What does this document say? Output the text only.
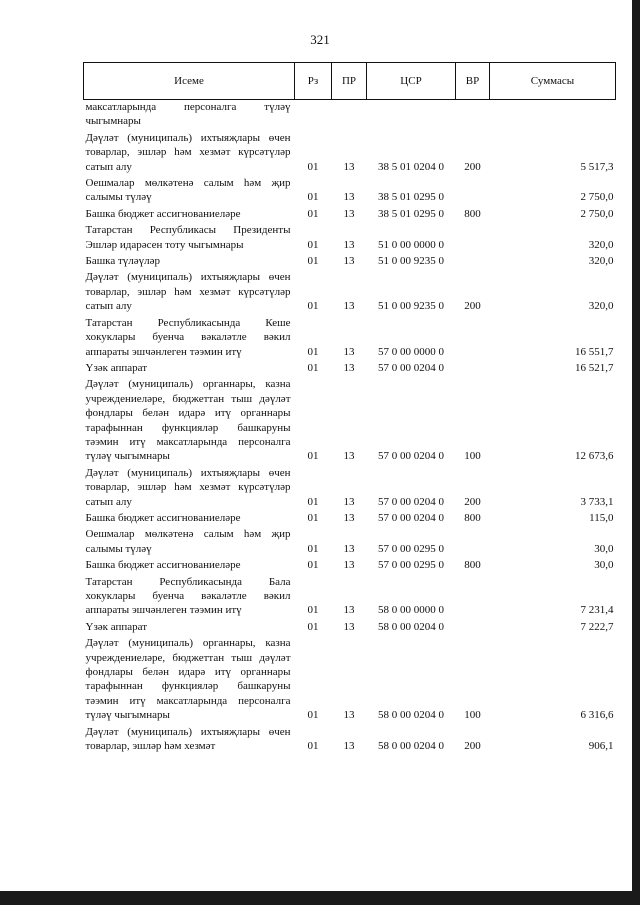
321
Исеме	Рз	ПР	ЦСР	ВР	Суммасы
максатларында персоналга түләү чыгымнары					
Дәүләт (муниципаль) ихтыяҗлары өчен товарлар, эшләр һәм хезмәт күрсәтүләр сатып алу	01	13	38 5 01 0204 0	200	5 517,3
Оешмалар мөлкәтенә салым һәм җир салымы түләү	01	13	38 5 01 0295 0		2 750,0
Башка бюджет ассигнованиеләре	01	13	38 5 01 0295 0	800	2 750,0
Татарстан Республикасы Президенты Эшләр идарәсен тоту чыгымнары	01	13	51 0 00 0000 0		320,0
Башка түләүләр	01	13	51 0 00 9235 0		320,0
Дәүләт (муниципаль) ихтыяҗлары өчен товарлар, эшләр һәм хезмәт күрсәтүләр сатып алу	01	13	51 0 00 9235 0	200	320,0
Татарстан Республикасында Кеше хокуклары буенча вәкаләтле вәкил аппараты эшчәнлеген тәэмин итү	01	13	57 0 00 0000 0		16 551,7
Үзәк аппарат	01	13	57 0 00 0204 0		16 521,7
Дәүләт (муниципаль) органнары, казна учреждениеләре, бюджеттан тыш дәүләт фондлары белән идарә итү органнары тарафыннан функцияләр башкаруны тәэмин итү максатларында персоналга түләү чыгымнары	01	13	57 0 00 0204 0	100	12 673,6
Дәүләт (муниципаль) ихтыяҗлары өчен товарлар, эшләр һәм хезмәт күрсәтүләр сатып алу	01	13	57 0 00 0204 0	200	3 733,1
Башка бюджет ассигнованиеләре	01	13	57 0 00 0204 0	800	115,0
Оешмалар мөлкәтенә салым һәм җир салымы түләү	01	13	57 0 00 0295 0		30,0
Башка бюджет ассигнованиеләре	01	13	57 0 00 0295 0	800	30,0
Татарстан Республикасында Бала хокуклары буенча вәкаләтле вәкил аппараты эшчәнлеген тәэмин итү	01	13	58 0 00 0000 0		7 231,4
Үзәк аппарат	01	13	58 0 00 0204 0		7 222,7
Дәүләт (муниципаль) органнары, казна учреждениеләре, бюджеттан тыш дәүләт фондлары белән идарә итү органнары тарафыннан функцияләр башкаруны тәэмин итү максатларында персоналга түләү чыгымнары	01	13	58 0 00 0204 0	100	6 316,6
Дәүләт (муниципаль) ихтыяҗлары өчен товарлар, эшләр һәм хезмәт	01	13	58 0 00 0204 0	200	906,1
